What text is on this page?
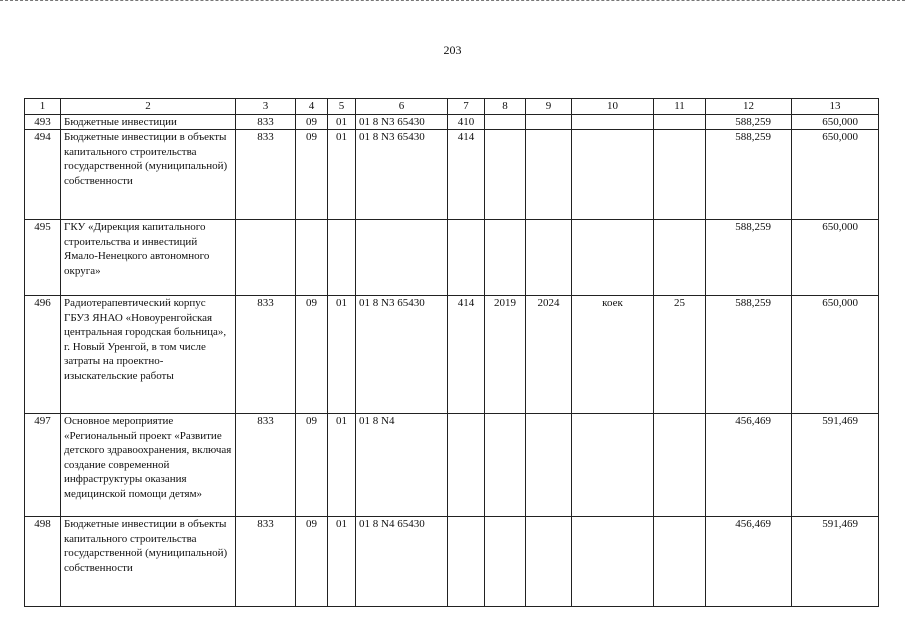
203
1	2	3	4	5	6	7	8	9	10	11	12	13
493	Бюджетные инвестиции	833	09	01	01 8 N3 65430	410					588,259	650,000
494	Бюджетные инвестиции в объекты капитального строительства государственной (муниципальной) собственности	833	09	01	01 8 N3 65430	414					588,259	650,000
495	ГКУ «Дирекция капитального строительства и инвестиций Ямало-Ненецкого автономного округа»										588,259	650,000
496	Радиотерапевтический корпус ГБУЗ ЯНАО «Новоуренгойская центральная городская больница», г. Новый Уренгой, в том числе затраты на проектно-изыскательские работы	833	09	01	01 8 N3 65430	414	2019	2024	коек	25	588,259	650,000
497	Основное мероприятие «Региональный проект «Развитие детского здравоохранения, включая создание современной инфраструктуры оказания медицинской помощи детям»	833	09	01	01 8 N4						456,469	591,469
498	Бюджетные инвестиции в объекты капитального строительства государственной (муниципальной) собственности	833	09	01	01 8 N4 65430						456,469	591,469
